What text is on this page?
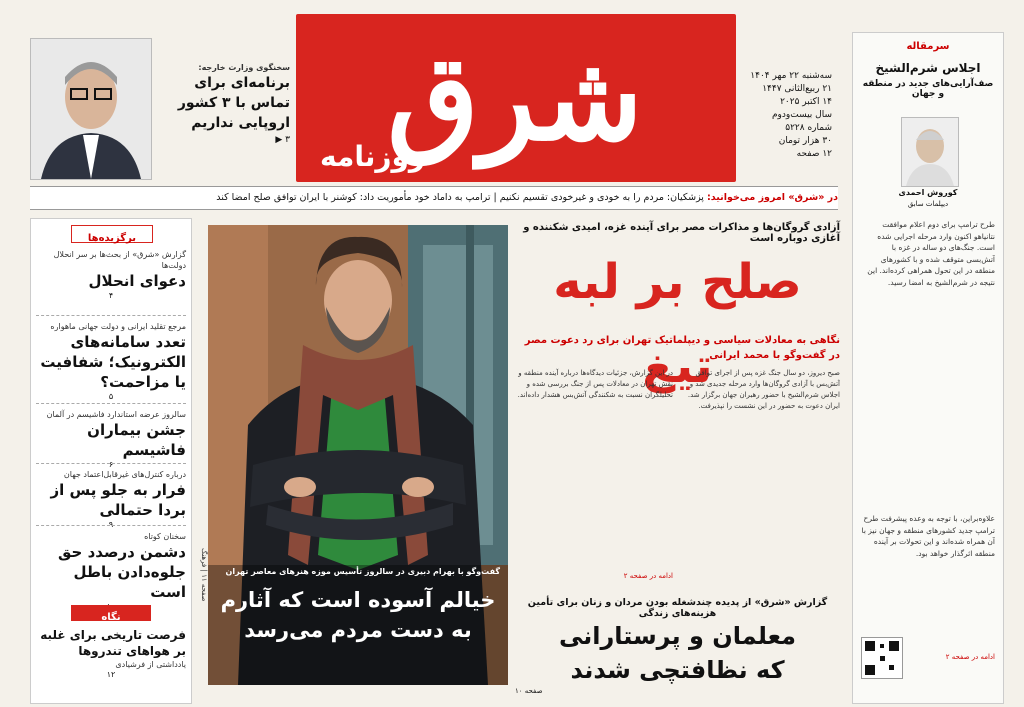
سخنگوی وزارت خارجه:
برنامه‌ای برای تماس با ۳ کشور اروپایی نداریم
۳ ▶ شرق
روزنامه
سه‌شنبه ۲۲ مهر ۱۴۰۴
۲۱ ربیع‌الثانی ۱۴۴۷
۱۴ اکتبر ۲۰۲۵
سال بیست‌ودوم
شماره ۵۲۲۸
۳۰ هزار تومان
۱۲ صفحه
در «شرق» امروز می‌خوانید: پزشکیان: مردم را به خودی و غیرخودی تقسیم نکنیم | ترامپ به داماد خود مأموریت داد: کوشنر با ایران توافق صلح امضا کند
سرمقاله
اجلاس شرم‌الشیخ
صف‌آرایی‌های جدید در منطقه و جهان
کوروش احمدی
دیپلمات سابق
طرح ترامپ برای دوم اعلام موافقت نتانیاهو اکنون وارد مرحله اجرایی شده است. جنگ‌های دو ساله در غزه با آتش‌بسی متوقف شده و با کشورهای منطقه در این تحول همراهی کرده‌اند. این نتیجه در شرم‌الشیخ به امضا رسید.
علاوه‌براین، با توجه به وعده پیشرفت طرح ترامپ جدید کشورهای منطقه و جهان نیز با آن همراه شده‌اند و این تحولات بر آینده منطقه اثرگذار خواهد بود.
ادامه در صفحه ۲
برگزیده‌ها
گزارش «شرق» از بحث‌ها بر سر انحلال دولت‌ها
دعوای انحلال
۴
مرجع تقلید ایرانی و دولت جهانی ماهواره
تعدد سامانه‌های الکترونیک؛ شفافیت یا مزاحمت؟
۵
سالروز عرضه استاندارد فاشیسم در آلمان
جشن بیماران فاشیسم
۶
درباره کنترل‌های غیرقابل‌اعتماد جهان
فرار به جلو پس از بردا حتمالی
۹
سخنان کوتاه
دشمن درصدد حق جلوه‌دادن باطل است
نگاه
فرصت تاریخی برای غلبه بر هواهای تندروها
یادداشتی از فرشیادی
۱۲
گفت‌وگو با بهرام دبیری در سالروز تأسیس موزه هنرهای معاصر تهران
خیالم آسوده است که آثارم به دست مردم می‌رسد
صفحه ۱۱ | فرهنگ
آزادی گروگان‌ها و مذاکرات مصر برای آینده غزه، امیدی شکننده و آغازی دوباره است
صلح بر لبه تیغ
نگاهی به معادلات سیاسی و دیپلماتیک تهران برای رد دعوت مصر در گفت‌وگو با محمد ایرانی
صبح دیروز، دو سال جنگ غزه پس از اجرای توافق آتش‌بس با آزادی گروگان‌ها وارد مرحله جدیدی شد و اجلاس شرم‌الشیخ با حضور رهبران جهان برگزار شد. ایران دعوت به حضور در این نشست را نپذیرفت.
در این گزارش، جزئیات دیدگاه‌ها درباره آینده منطقه و نقش تهران در معادلات پس از جنگ بررسی شده و تحلیلگران نسبت به شکنندگی آتش‌بس هشدار داده‌اند.
ادامه در صفحه ۲
گزارش «شرق» از پدیده چندشغله بودن مردان و زنان برای تأمین هزینه‌های زندگی
معلمان و پرستارانی
که نظافتچی شدند
صفحه ۱۰
